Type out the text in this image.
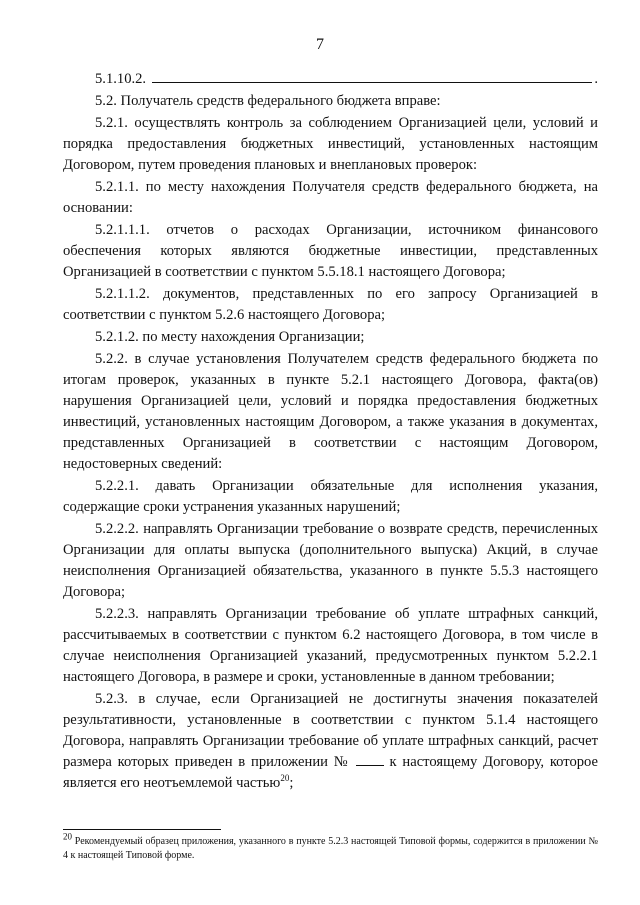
7
5.1.10.2.	.

5.2. Получатель средств федерального бюджета вправе:

5.2.1. осуществлять контроль за соблюдением Организацией цели, условий и порядка предоставления бюджетных инвестиций, установленных настоящим Договором, путем проведения плановых и внеплановых проверок:

5.2.1.1. по месту нахождения Получателя средств федерального бюджета, на основании:

5.2.1.1.1. отчетов о расходах Организации, источником финансового обеспечения которых являются бюджетные инвестиции, представленных Организацией в соответствии с пунктом 5.5.18.1 настоящего Договора;

5.2.1.1.2. документов, представленных по его запросу Организацией в соответствии с пунктом 5.2.6 настоящего Договора;

5.2.1.2. по месту нахождения Организации;

5.2.2. в случае установления Получателем средств федерального бюджета по итогам проверок, указанных в пункте 5.2.1 настоящего Договора, факта(ов) нарушения Организацией цели, условий и порядка предоставления бюджетных инвестиций, установленных настоящим Договором, а также указания в документах, представленных Организацией в соответствии с настоящим Договором, недостоверных сведений:

5.2.2.1. давать Организации обязательные для исполнения указания, содержащие сроки устранения указанных нарушений;

5.2.2.2. направлять Организации требование о возврате средств, перечисленных Организации для оплаты выпуска (дополнительного выпуска) Акций, в случае неисполнения Организацией обязательства, указанного в пункте 5.5.3 настоящего Договора;

5.2.2.3. направлять Организации требование об уплате штрафных санкций, рассчитываемых в соответствии с пунктом 6.2 настоящего Договора, в том числе в случае неисполнения Организацией указаний, предусмотренных пунктом 5.2.2.1 настоящего Договора, в размере и сроки, установленные в данном требовании;

5.2.3. в случае, если Организацией не достигнуты значения показателей результативности, установленные в соответствии с пунктом 5.1.4 настоящего Договора, направлять Организации требование об уплате штрафных санкций, расчет размера которых приведен в приложении №	к настоящему Договору, которое является его неотъемлемой частью$^{20}$;

$^{20}$ Рекомендуемый образец приложения, указанного в пункте 5.2.3 настоящей Типовой формы, содержится в приложении № 4 к настоящей Типовой форме.
